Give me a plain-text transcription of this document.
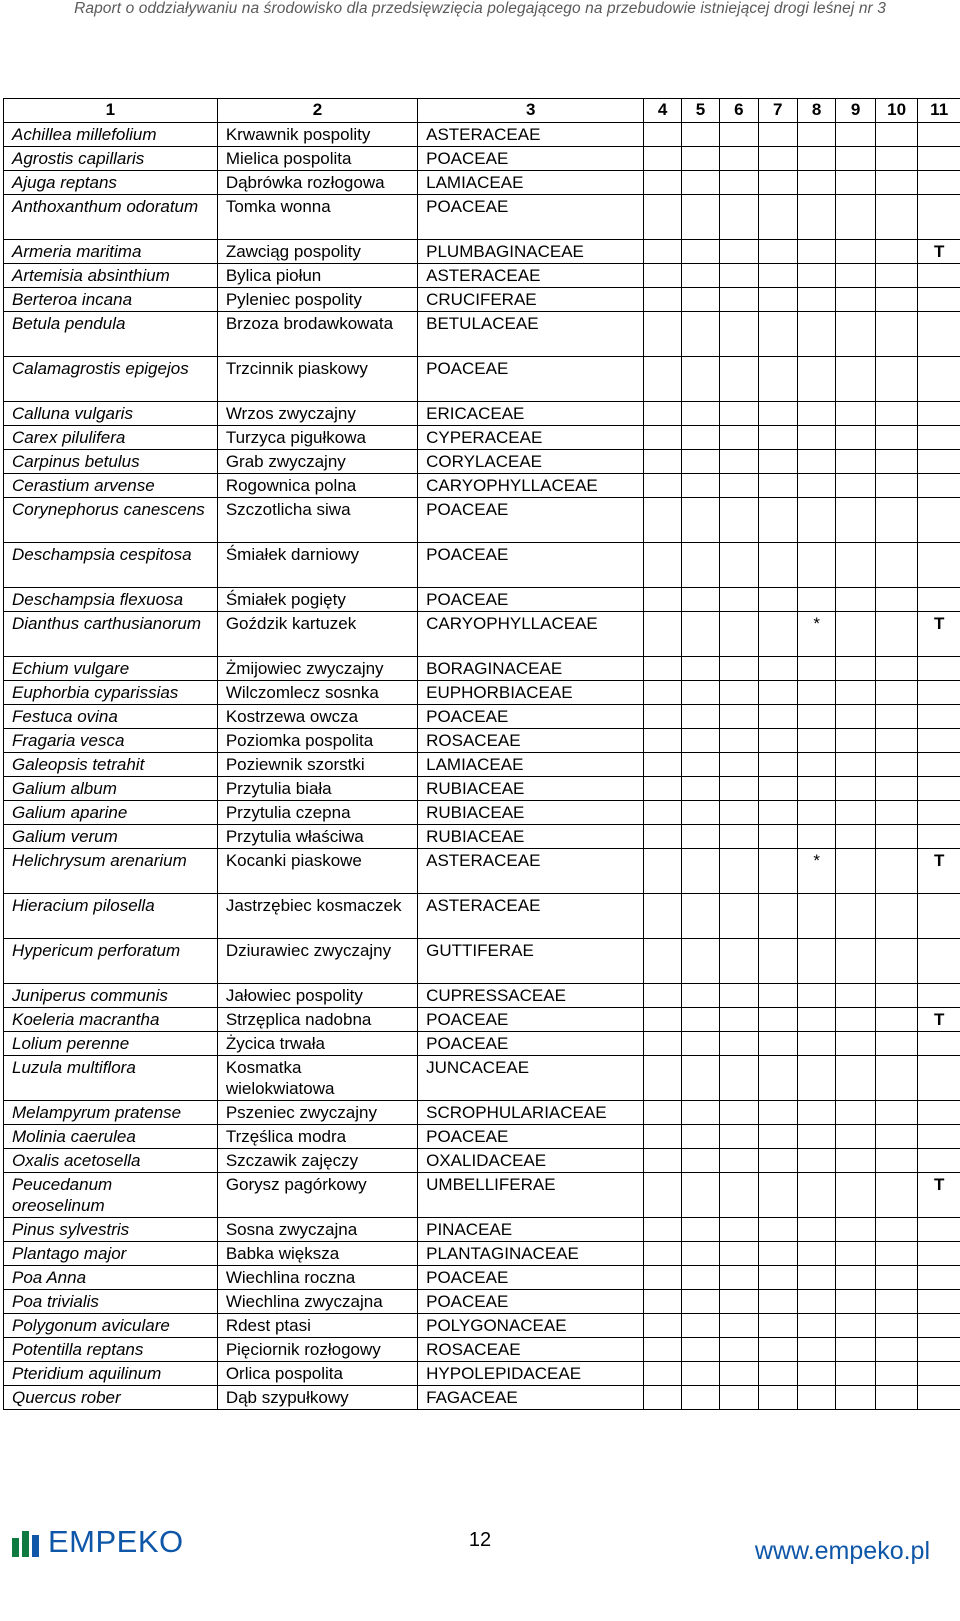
Raport o oddziaływaniu na środowisko dla przedsięwzięcia polegającego na przebudowie istniejącej drogi leśnej nr 3
1	2	3	4	5	6	7	8	9	10	11
Achillea millefolium	Krwawnik pospolity	ASTERACEAE								
Agrostis capillaris	Mielica pospolita	POACEAE								
Ajuga reptans	Dąbrówka rozłogowa	LAMIACEAE								
Anthoxanthum odoratum	Tomka wonna	POACEAE								
Armeria maritima	Zawciąg pospolity	PLUMBAGINACEAE								T
Artemisia absinthium	Bylica piołun	ASTERACEAE								
Berteroa incana	Pyleniec pospolity	CRUCIFERAE								
Betula pendula	Brzoza brodawkowata	BETULACEAE								
Calamagrostis epigejos	Trzcinnik piaskowy	POACEAE								
Calluna vulgaris	Wrzos zwyczajny	ERICACEAE								
Carex pilulifera	Turzyca pigułkowa	CYPERACEAE								
Carpinus betulus	Grab zwyczajny	CORYLACEAE								
Cerastium arvense	Rogownica polna	CARYOPHYLLACEAE								
Corynephorus canescens	Szczotlicha siwa	POACEAE								
Deschampsia cespitosa	Śmiałek darniowy	POACEAE								
Deschampsia flexuosa	Śmiałek pogięty	POACEAE								
Dianthus carthusianorum	Goździk kartuzek	CARYOPHYLLACEAE					*			T
Echium vulgare	Żmijowiec zwyczajny	BORAGINACEAE								
Euphorbia cyparissias	Wilczomlecz sosnka	EUPHORBIACEAE								
Festuca ovina	Kostrzewa owcza	POACEAE								
Fragaria vesca	Poziomka pospolita	ROSACEAE								
Galeopsis tetrahit	Poziewnik szorstki	LAMIACEAE								
Galium album	Przytulia biała	RUBIACEAE								
Galium aparine	Przytulia czepna	RUBIACEAE								
Galium verum	Przytulia właściwa	RUBIACEAE								
Helichrysum arenarium	Kocanki piaskowe	ASTERACEAE					*			T
Hieracium pilosella	Jastrzębiec kosmaczek	ASTERACEAE								
Hypericum perforatum	Dziurawiec zwyczajny	GUTTIFERAE								
Juniperus communis	Jałowiec pospolity	CUPRESSACEAE								
Koeleria macrantha	Strzęplica nadobna	POACEAE								T
Lolium perenne	Życica trwała	POACEAE								
Luzula multiflora	Kosmatka wielokwiatowa	JUNCACEAE								
Melampyrum pratense	Pszeniec zwyczajny	SCROPHULARIACEAE								
Molinia caerulea	Trzęślica modra	POACEAE								
Oxalis acetosella	Szczawik zajęczy	OXALIDACEAE								
Peucedanum oreoselinum	Gorysz pagórkowy	UMBELLIFERAE								T
Pinus sylvestris	Sosna zwyczajna	PINACEAE								
Plantago major	Babka większa	PLANTAGINACEAE								
Poa Anna	Wiechlina roczna	POACEAE								
Poa trivialis	Wiechlina zwyczajna	POACEAE								
Polygonum aviculare	Rdest ptasi	POLYGONACEAE								
Potentilla reptans	Pięciornik rozłogowy	ROSACEAE								
Pteridium aquilinum	Orlica pospolita	HYPOLEPIDACEAE								
Quercus rober	Dąb szypułkowy	FAGACEAE								
EMPEKO	12	www.empeko.pl
